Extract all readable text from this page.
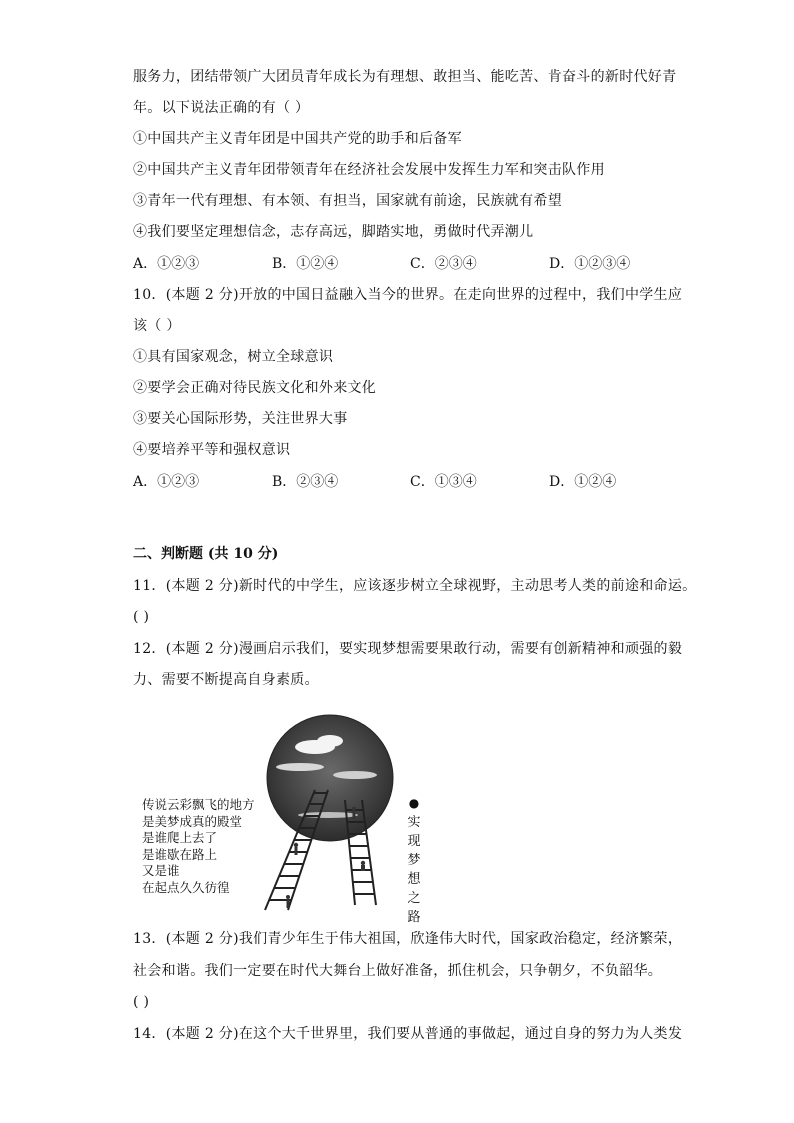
服务力，团结带领广大团员青年成长为有理想、敢担当、能吃苦、肯奋斗的新时代好青
年。以下说法正确的有（ ）
①中国共产主义青年团是中国共产党的助手和后备军
②中国共产主义青年团带领青年在经济社会发展中发挥生力军和突击队作用
③青年一代有理想、有本领、有担当，国家就有前途，民族就有希望
④我们要坚定理想信念，志存高远，脚踏实地，勇做时代弄潮儿
A．①②③	B．①②④	C．②③④	D．①②③④
10．(本题 2 分)开放的中国日益融入当今的世界。在走向世界的过程中，我们中学生应
该（ ）
①具有国家观念，树立全球意识
②要学会正确对待民族文化和外来文化
③要关心国际形势，关注世界大事
④要培养平等和强权意识
A．①②③	B．②③④	C．①③④	D．①②④
二、判断题 (共 10 分)
11．(本题 2 分)新时代的中学生，应该逐步树立全球视野，主动思考人类的前途和命运。
( )
12．(本题 2 分)漫画启示我们，要实现梦想需要果敢行动，需要有创新精神和顽强的毅
力、需要不断提高自身素质。
传说云彩飘飞的地方
是美梦成真的殿堂
是谁爬上去了
是谁歇在路上
又是谁
在起点久久彷徨
●
实
现
梦
想
之
路
13．(本题 2 分)我们青少年生于伟大祖国，欣逢伟大时代，国家政治稳定，经济繁荣，
社会和谐。我们一定要在时代大舞台上做好准备，抓住机会，只争朝夕，不负韶华。
( )
14．(本题 2 分)在这个大千世界里，我们要从普通的事做起，通过自身的努力为人类发
